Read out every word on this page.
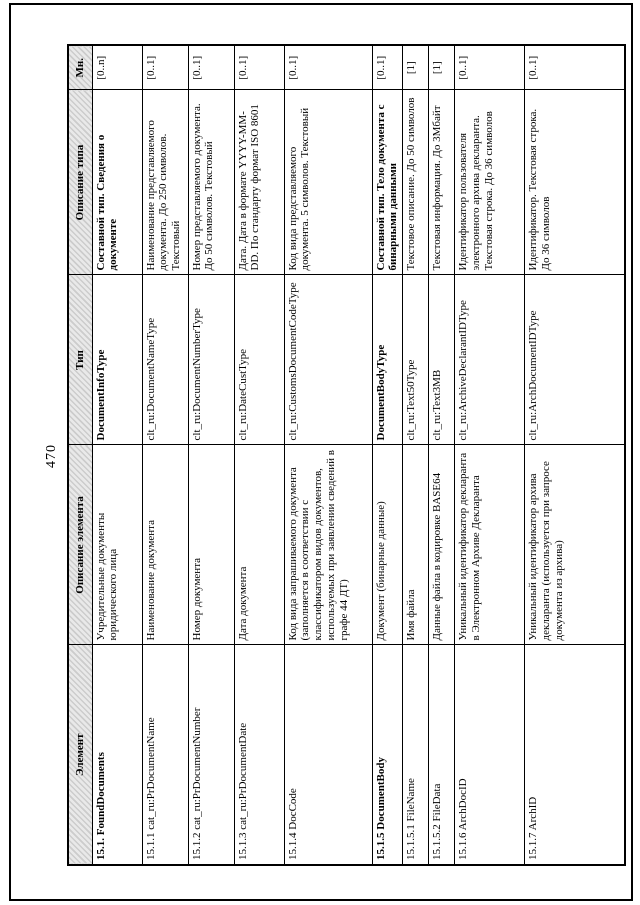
470
Элемент	Описание элемента	Тип	Описание типа	Мн.
15.1. FoundDocuments	Учредительные документы юридического лица	DocumentInfoType	Составной тип. Сведения о документе	[0..n]
15.1.1 cat_ru:PrDocumentName	Наименование документа	clt_ru:DocumentNameType	Наименование представляемого документа. До 250 символов. Текстовый	[0..1]
15.1.2 cat_ru:PrDocumentNumber	Номер документа	clt_ru:DocumentNumberType	Номер представляемого документа. До 50 символов. Текстовый	[0..1]
15.1.3 cat_ru:PrDocumentDate	Дата документа	clt_ru:DateCustType	Дата. Дата в формате YYYY-MM-DD. По стандарту формат ISO 8601	[0..1]
15.1.4 DocCode	Код вида запрашиваемого документа (заполняется в соответствии с классификатором видов документов, используемых при заявлении сведений в графе 44 ДТ)	clt_ru:CustomsDocumentCodeType	Код вида представляемого документа. 5 символов. Текстовый	[0..1]
15.1.5 DocumentBody	Документ (бинарные данные)	DocumentBodyType	Составной тип. Тело документа с бинарными данными	[0..1]
15.1.5.1 FileName	Имя файла	clt_ru:Text50Type	Текстовое описание. До 50 символов	[1]
15.1.5.2 FileData	Данные файла в кодировке BASE64	clt_ru:Text3MB	Текстовая информация. До 3Мбайт	[1]
15.1.6 ArchDocID	Уникальный идентификатор декларанта в Электронном Архиве Декларанта	clt_ru:ArchiveDeclarantIDType	Идентификатор пользователя электронного архива декларанта. Текстовая строка. До 36 символов	[0..1]
15.1.7 ArchID	Уникальный идентификатор архива декларанта (используется при запросе документа из архива)	clt_ru:ArchDocumentIDType	Идентификатор. Текстовая строка. До 36 символов	[0..1]
